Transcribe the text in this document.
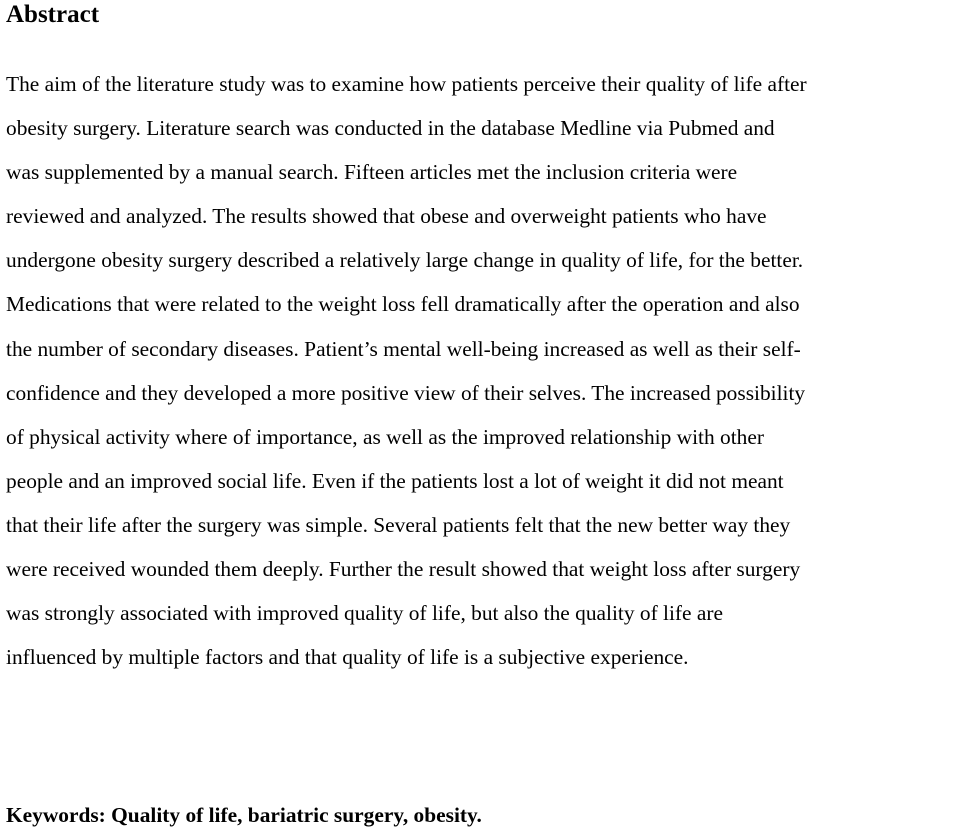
Abstract

The aim of the literature study was to examine how patients perceive their quality of life after
obesity surgery. Literature search was conducted in the database Medline via Pubmed and
was supplemented by a manual search. Fifteen articles met the inclusion criteria were
reviewed and analyzed. The results showed that obese and overweight patients who have
undergone obesity surgery described a relatively large change in quality of life, for the better.
Medications that were related to the weight loss fell dramatically after the operation and also
the number of secondary diseases. Patient’s mental well-being increased as well as their self-
confidence and they developed a more positive view of their selves. The increased possibility
of physical activity where of importance, as well as the improved relationship with other
people and an improved social life. Even if the patients lost a lot of weight it did not meant
that their life after the surgery was simple. Several patients felt that the new better way they
were received wounded them deeply. Further the result showed that weight loss after surgery
was strongly associated with improved quality of life, but also the quality of life are
influenced by multiple factors and that quality of life is a subjective experience.

Keywords: Quality of life, bariatric surgery, obesity.
